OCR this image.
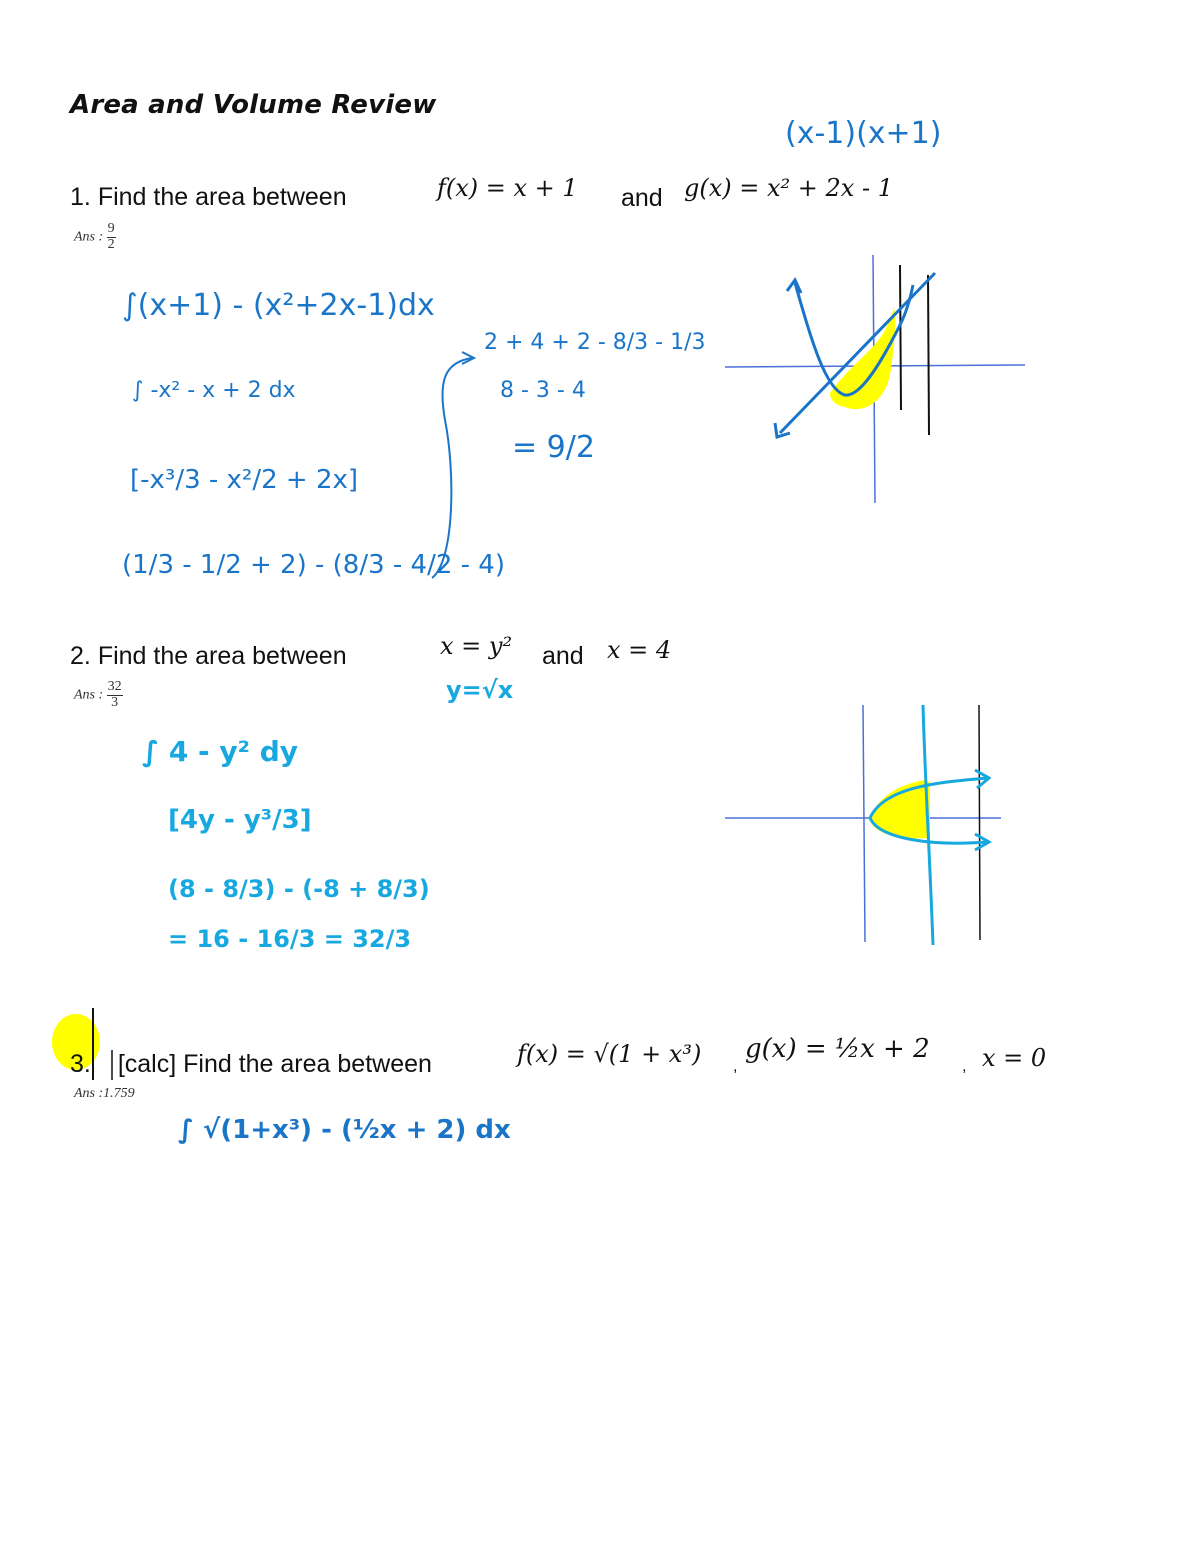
Area and Volume Review
1. Find the area between	f(x) = x + 1 and g(x) = x² + 2x - 1
Ans : $\frac{9}{2}$
(x-1)(x+1)
∫(x+1) - (x²+2x-1)dx
∫ -x² - x + 2 dx
[-x³/3 - x²/2 + 2x]
(1/3 - 1/2 + 2) - (8/3 - 4/2 - 4)
2 + 4 + 2 - 8/3 - 1/3
8 - 3 - 4
= 9/2
2. Find the area between	x = y² and x = 4
y=√x
Ans : $\frac{32}{3}$
∫ 4 - y² dy
[4y - y³/3]
(8 - 8/3) - (-8 + 8/3)
= 16 - 16/3 = 32/3
3. [calc] Find the area between	f(x) = √(1 + x³) ,
g(x) = ½x + 2
, x = 0
Ans :1.759
∫ √(1+x³) - (½x + 2) dx
